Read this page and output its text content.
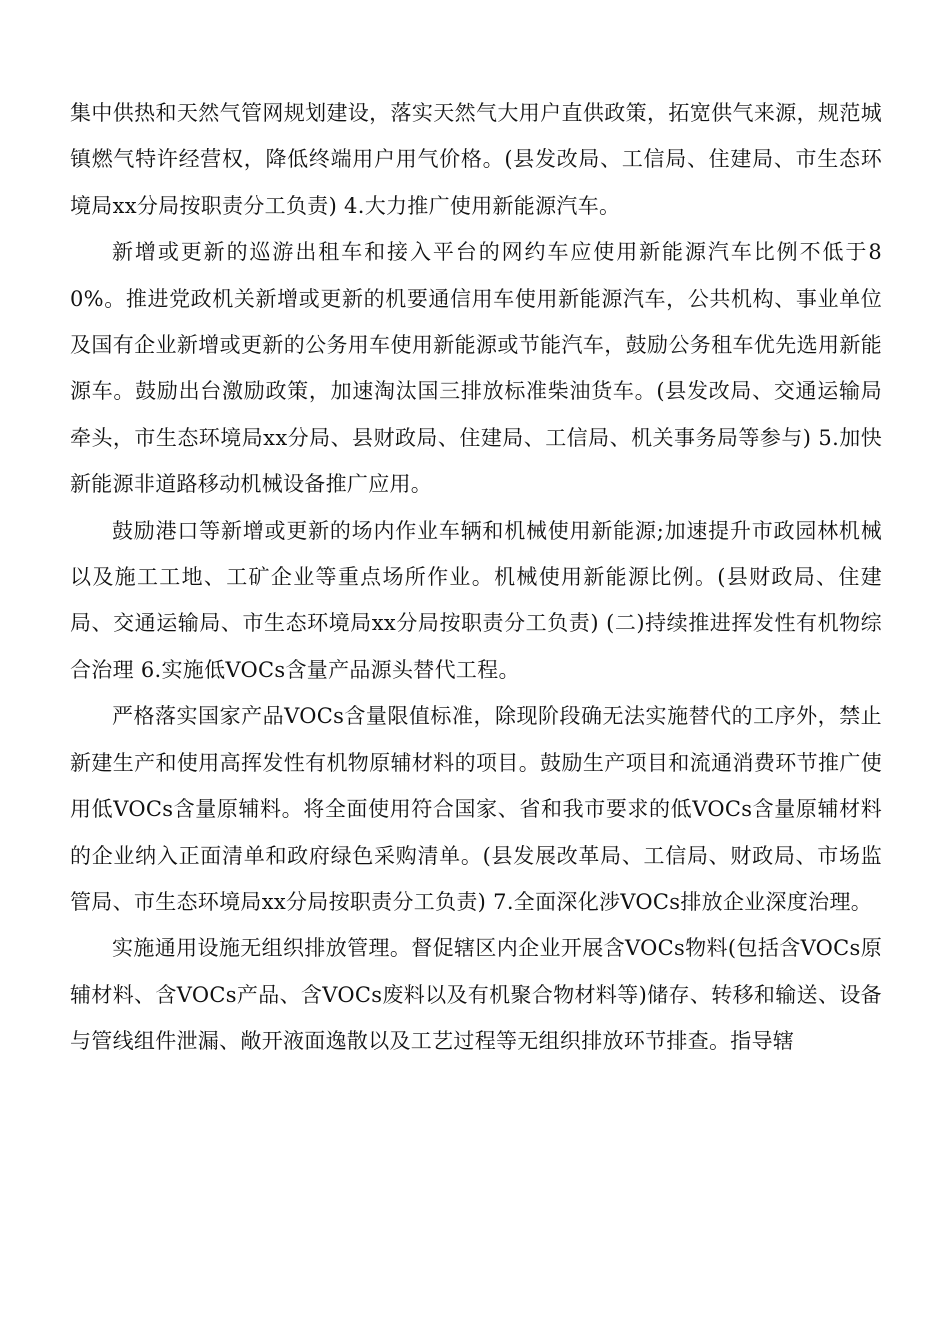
集中供热和天然气管网规划建设，落实天然气大用户直供政策，拓宽供气来源，规范城镇燃气特许经营权，降低终端用户用气价格。(县发改局、工信局、住建局、市生态环境局xx分局按职责分工负责) 4.大力推广使用新能源汽车。

新增或更新的巡游出租车和接入平台的网约车应使用新能源汽车比例不低于80%。推进党政机关新增或更新的机要通信用车使用新能源汽车，公共机构、事业单位及国有企业新增或更新的公务用车使用新能源或节能汽车，鼓励公务租车优先选用新能源车。鼓励出台激励政策，加速淘汰国三排放标准柴油货车。(县发改局、交通运输局牵头，市生态环境局xx分局、县财政局、住建局、工信局、机关事务局等参与) 5.加快新能源非道路移动机械设备推广应用。

鼓励港口等新增或更新的场内作业车辆和机械使用新能源;加速提升市政园林机械以及施工工地、工矿企业等重点场所作业。机械使用新能源比例。(县财政局、住建局、交通运输局、市生态环境局xx分局按职责分工负责) (二)持续推进挥发性有机物综合治理 6.实施低VOCs含量产品源头替代工程。

严格落实国家产品VOCs含量限值标准，除现阶段确无法实施替代的工序外，禁止新建生产和使用高挥发性有机物原辅材料的项目。鼓励生产项目和流通消费环节推广使用低VOCs含量原辅料。将全面使用符合国家、省和我市要求的低VOCs含量原辅材料的企业纳入正面清单和政府绿色采购清单。(县发展改革局、工信局、财政局、市场监管局、市生态环境局xx分局按职责分工负责) 7.全面深化涉VOCs排放企业深度治理。

实施通用设施无组织排放管理。督促辖区内企业开展含VOCs物料(包括含VOCs原辅材料、含VOCs产品、含VOCs废料以及有机聚合物材料等)储存、转移和输送、设备与管线组件泄漏、敞开液面逸散以及工艺过程等无组织排放环节排查。指导辖
